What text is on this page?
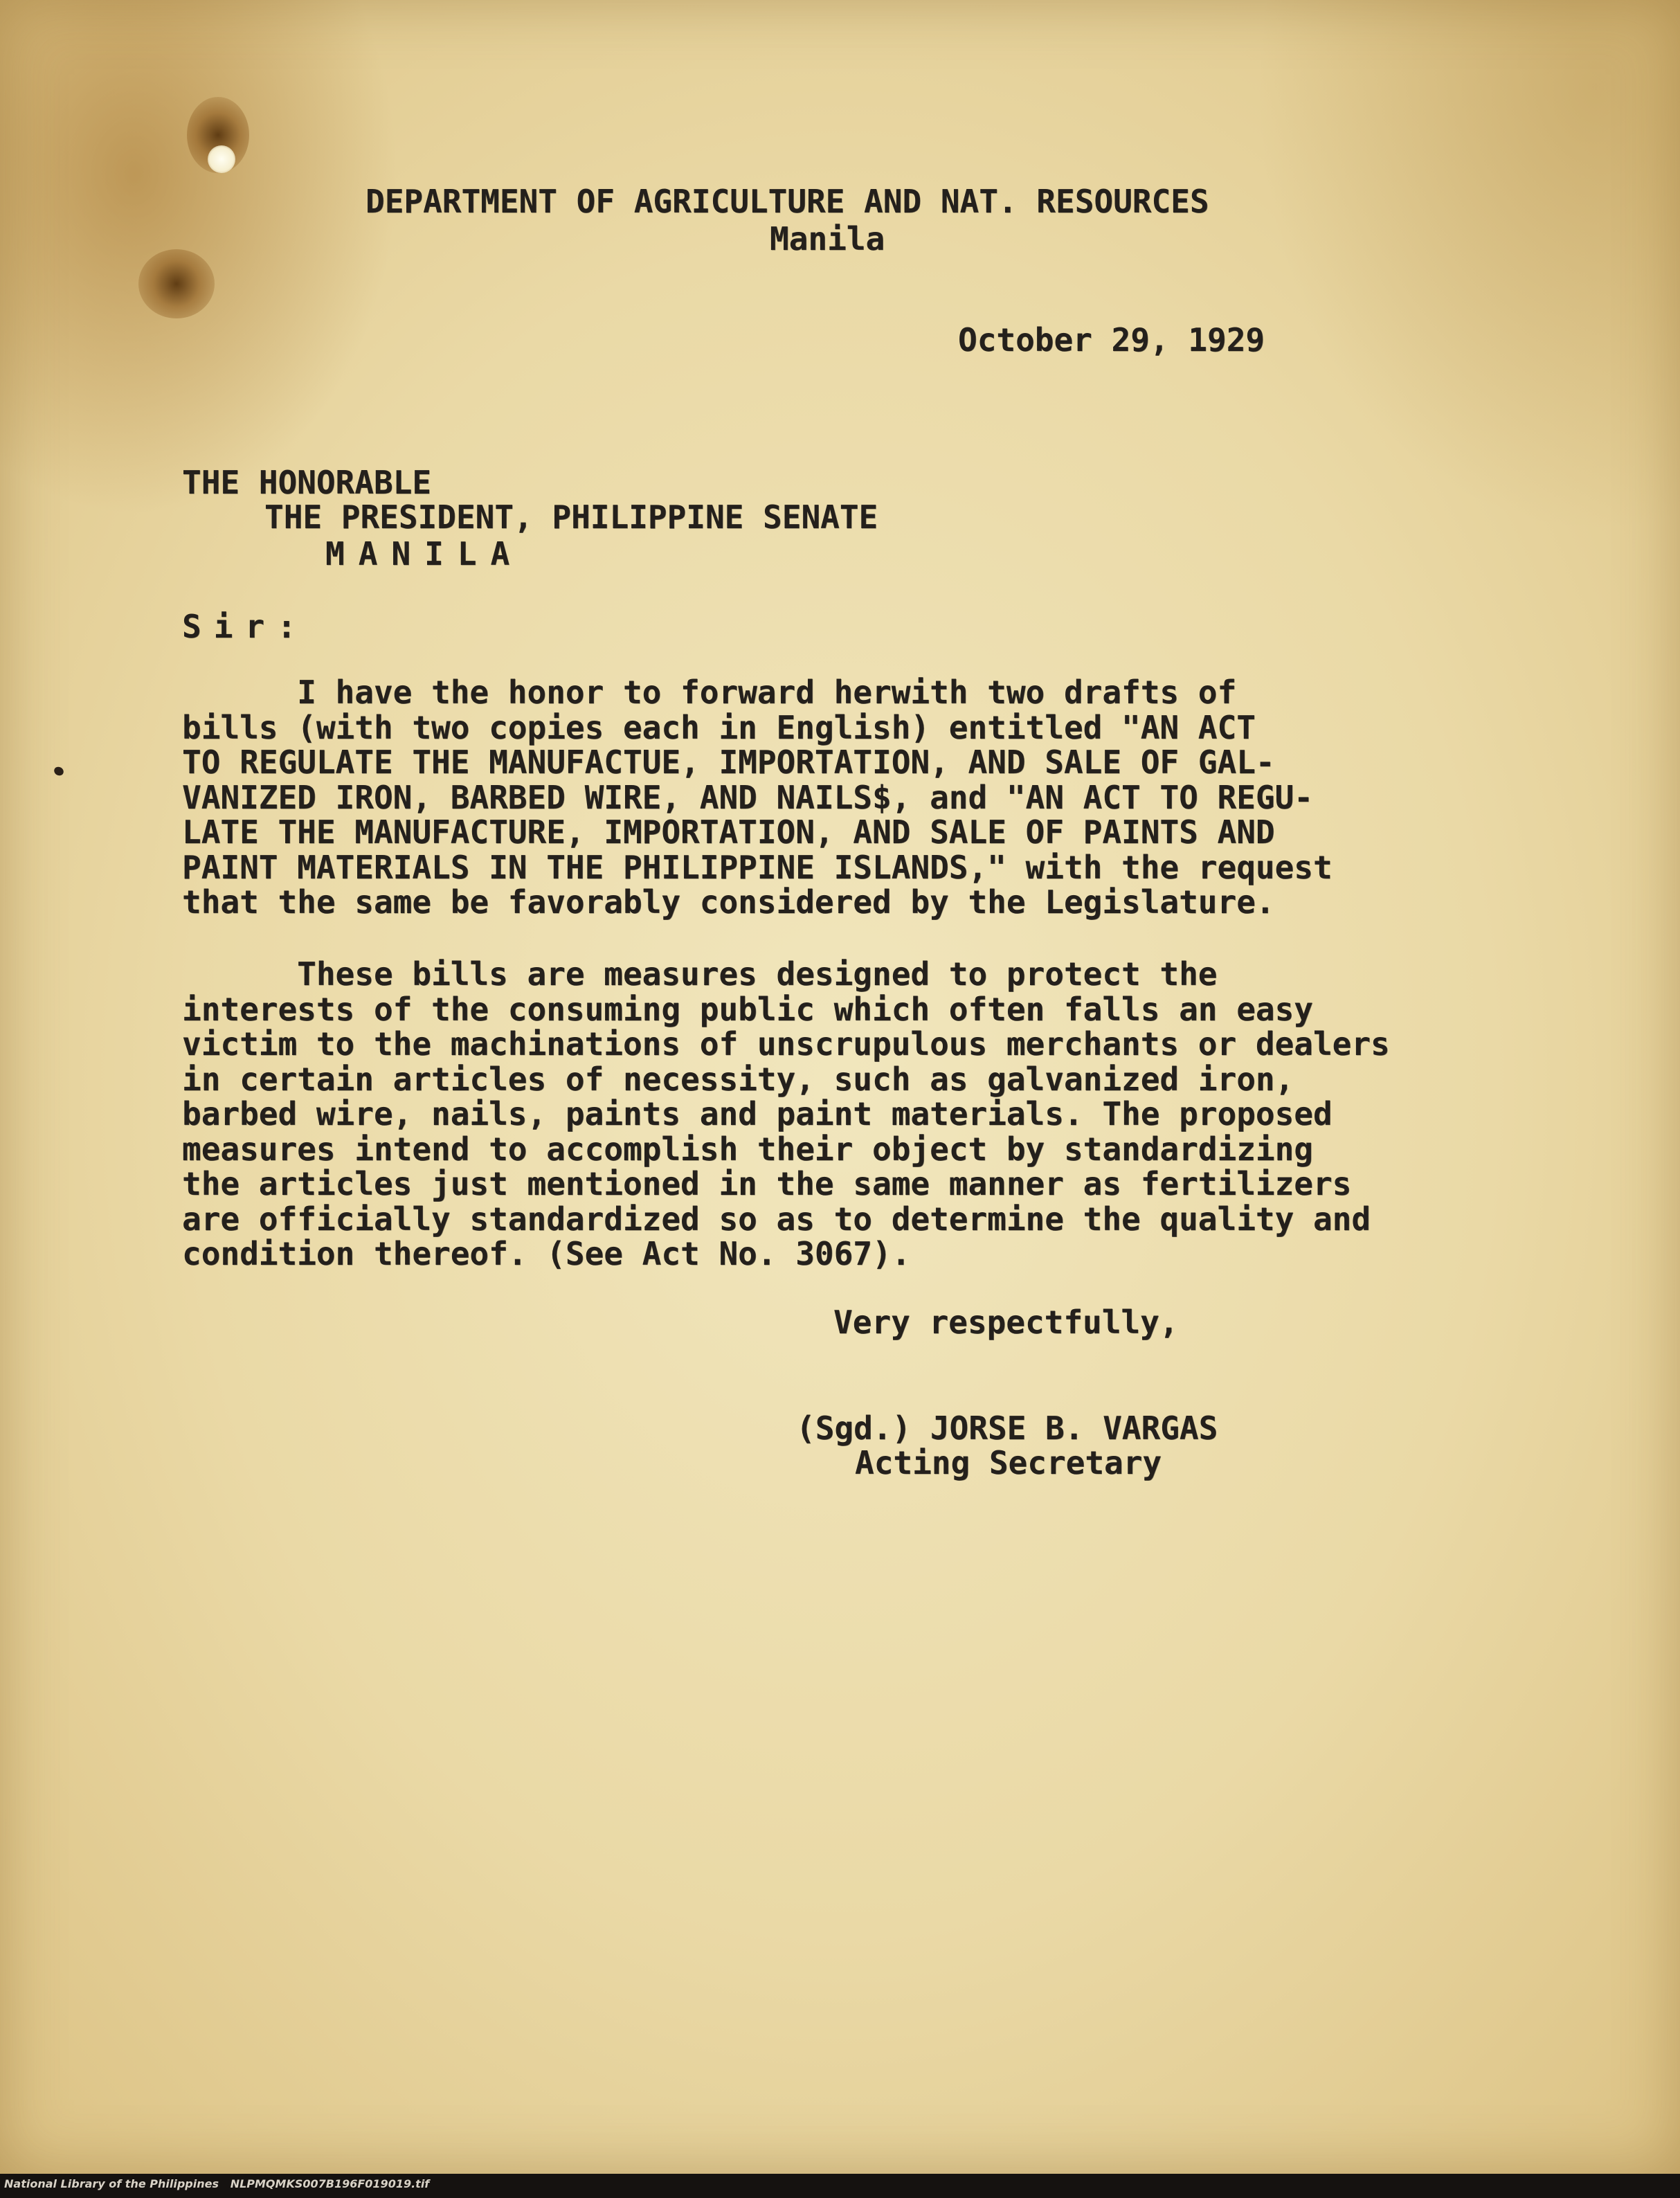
DEPARTMENT OF AGRICULTURE AND NAT. RESOURCES

Manila

October 29, 1929

THE HONORABLE

THE PRESIDENT, PHILIPPINE SENATE

MANILA

Sir:

I have the honor to forward herwith two drafts of
bills (with two copies each in English) entitled "AN ACT
TO REGULATE THE MANUFACTUE, IMPORTATION, AND SALE OF GAL-
VANIZED IRON, BARBED WIRE, AND NAILS$, and "AN ACT TO REGU-
LATE THE MANUFACTURE, IMPORTATION, AND SALE OF PAINTS AND
PAINT MATERIALS IN THE PHILIPPINE ISLANDS," with the request
that the same be favorably considered by the Legislature.
These bills are measures designed to protect the
interests of the consuming public which often falls an easy
victim to the machinations of unscrupulous merchants or dealers
in certain articles of necessity, such as galvanized iron,
barbed wire, nails, paints and paint materials. The proposed
measures intend to accomplish their object by standardizing
the articles just mentioned in the same manner as fertilizers
are officially standardized so as to determine the quality and
condition thereof. (See Act No. 3067).

Very respectfully,

(Sgd.) JORSE B. VARGAS

Acting Secretary

National Library of the Philippines   NLPMQMKS007B196F019019.tif
